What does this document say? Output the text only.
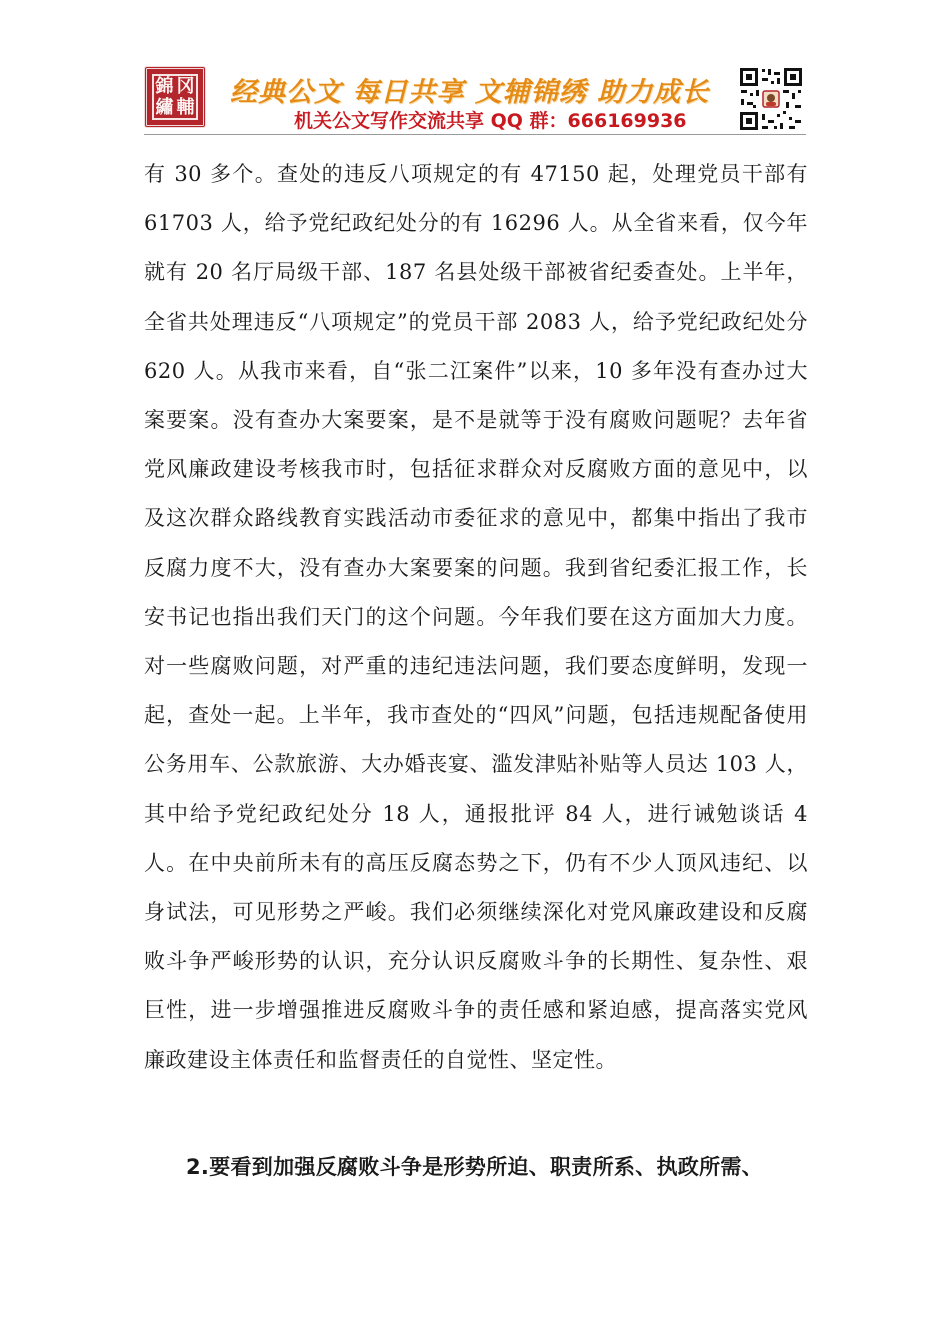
錦 冈
繡 輔 经典公文 每日共享 文辅锦绣 助力成长
机关公文写作交流共享 QQ 群：666169936

有 30 多个。查处的违反八项规定的有 47150 起，处理党员干部有 61703 人，给予党纪政纪处分的有 16296 人。从全省来看，仅今年就有 20 名厅局级干部、187 名县处级干部被省纪委查处。上半年，全省共处理违反“八项规定”的党员干部 2083 人，给予党纪政纪处分 620 人。从我市来看，自“张二江案件”以来，10 多年没有查办过大案要案。没有查办大案要案，是不是就等于没有腐败问题呢？去年省党风廉政建设考核我市时，包括征求群众对反腐败方面的意见中，以及这次群众路线教育实践活动市委征求的意见中，都集中指出了我市反腐力度不大，没有查办大案要案的问题。我到省纪委汇报工作，长安书记也指出我们天门的这个问题。今年我们要在这方面加大力度。对一些腐败问题，对严重的违纪违法问题，我们要态度鲜明，发现一起，查处一起。上半年，我市查处的“四风”问题，包括违规配备使用公务用车、公款旅游、大办婚丧宴、滥发津贴补贴等人员达 103 人，其中给予党纪政纪处分 18 人，通报批评 84 人，进行诫勉谈话 4 人。在中央前所未有的高压反腐态势之下，仍有不少人顶风违纪、以身试法，可见形势之严峻。我们必须继续深化对党风廉政建设和反腐败斗争严峻形势的认识，充分认识反腐败斗争的长期性、复杂性、艰巨性，进一步增强推进反腐败斗争的责任感和紧迫感，提高落实党风廉政建设主体责任和监督责任的自觉性、坚定性。

2.要看到加强反腐败斗争是形势所迫、职责所系、执政所需、
